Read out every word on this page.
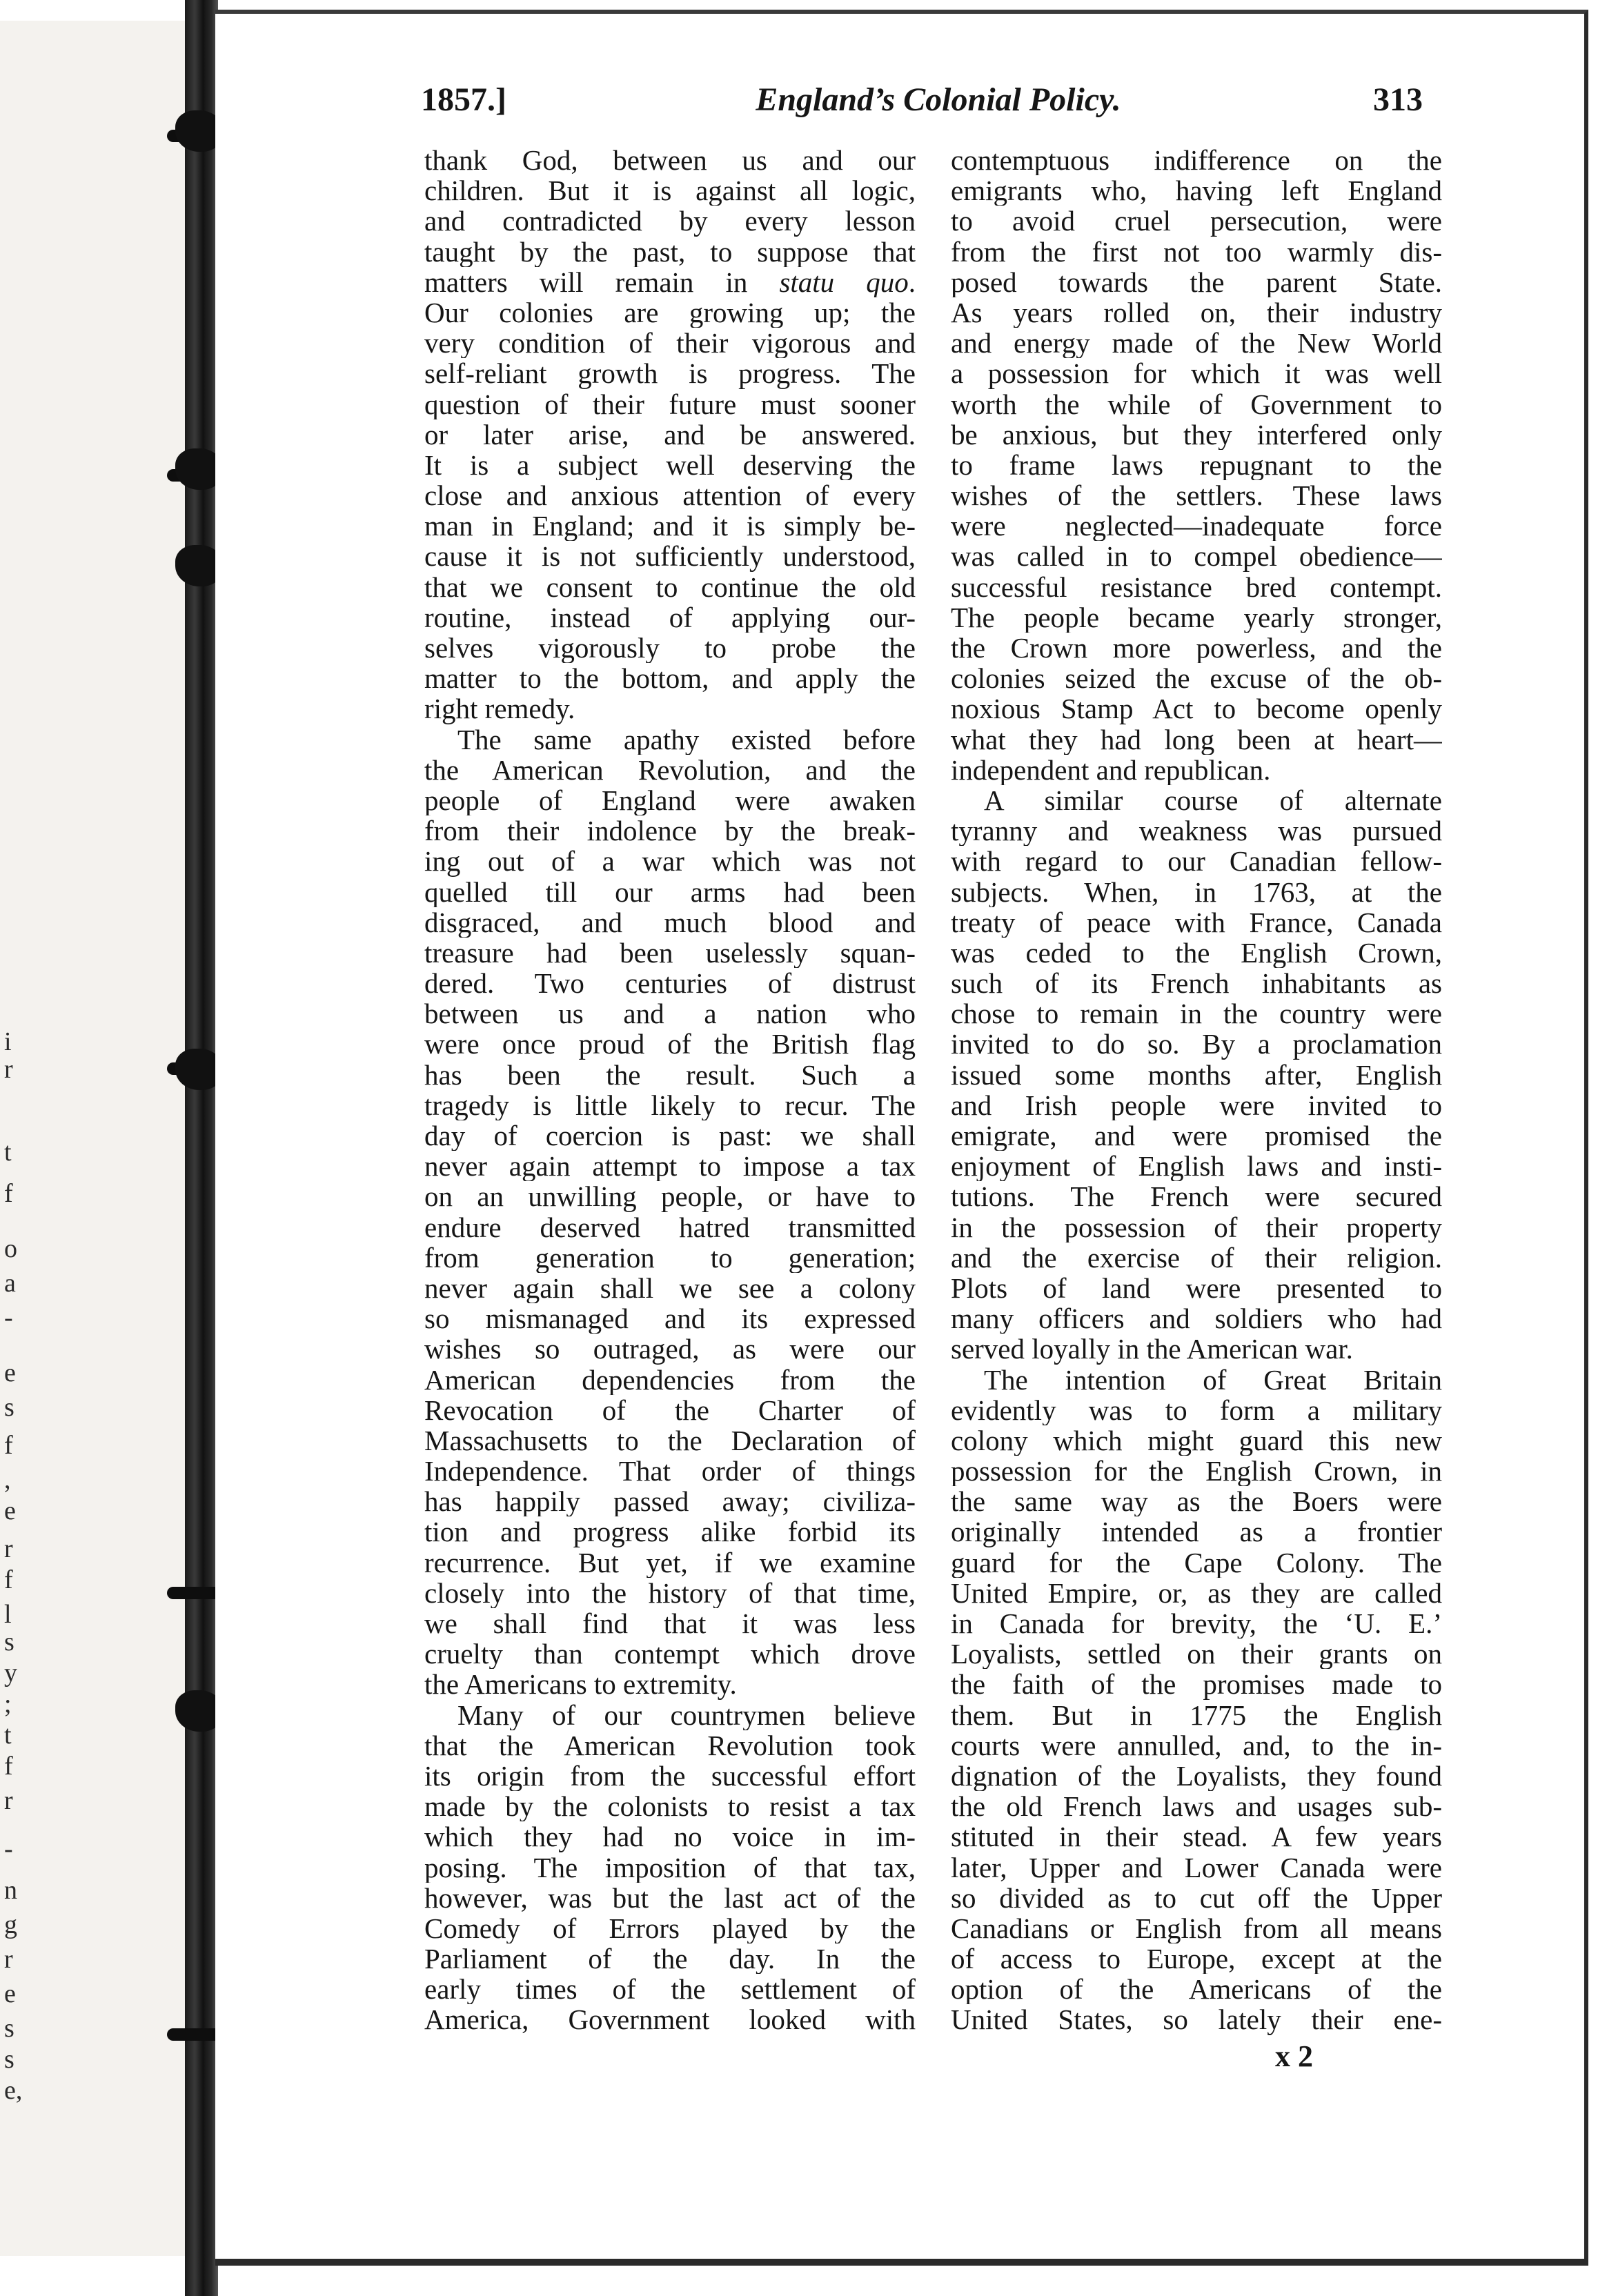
i
r
t
f
o
a
-
e
s
f
,
e
r
f
l
s
y
;
t
f
r
-
n
g
r
e
s
s
e,
1857.]	England’s Colonial Policy.	313
thank God, between us and our
children. But it is against all logic,
and contradicted by every lesson
taught by the past, to suppose that
matters will remain in statu quo.
Our colonies are growing up; the
very condition of their vigorous and
self-reliant growth is progress. The
question of their future must sooner
or later arise, and be answered.
It is a subject well deserving the
close and anxious attention of every
man in England; and it is simply be-
cause it is not sufficiently understood,
that we consent to continue the old
routine, instead of applying our-
selves vigorously to probe the
matter to the bottom, and apply the
right remedy.
The same apathy existed before
the American Revolution, and the
people of England were awaken
from their indolence by the break-
ing out of a war which was not
quelled till our arms had been
disgraced, and much blood and
treasure had been uselessly squan-
dered. Two centuries of distrust
between us and a nation who
were once proud of the British flag
has been the result. Such a
tragedy is little likely to recur. The
day of coercion is past: we shall
never again attempt to impose a tax
on an unwilling people, or have to
endure deserved hatred transmitted
from generation to generation;
never again shall we see a colony
so mismanaged and its expressed
wishes so outraged, as were our
American dependencies from the
Revocation of the Charter of
Massachusetts to the Declaration of
Independence. That order of things
has happily passed away; civiliza-
tion and progress alike forbid its
recurrence. But yet, if we examine
closely into the history of that time,
we shall find that it was less
cruelty than contempt which drove
the Americans to extremity.
Many of our countrymen believe
that the American Revolution took
its origin from the successful effort
made by the colonists to resist a tax
which they had no voice in im-
posing. The imposition of that tax,
however, was but the last act of the
Comedy of Errors played by the
Parliament of the day. In the
early times of the settlement of
America, Government looked with
contemptuous indifference on the
emigrants who, having left England
to avoid cruel persecution, were
from the first not too warmly dis-
posed towards the parent State.
As years rolled on, their industry
and energy made of the New World
a possession for which it was well
worth the while of Government to
be anxious, but they interfered only
to frame laws repugnant to the
wishes of the settlers. These laws
were neglected—inadequate force
was called in to compel obedience—
successful resistance bred contempt.
The people became yearly stronger,
the Crown more powerless, and the
colonies seized the excuse of the ob-
noxious Stamp Act to become openly
what they had long been at heart—
independent and republican.
A similar course of alternate
tyranny and weakness was pursued
with regard to our Canadian fellow-
subjects. When, in 1763, at the
treaty of peace with France, Canada
was ceded to the English Crown,
such of its French inhabitants as
chose to remain in the country were
invited to do so. By a proclamation
issued some months after, English
and Irish people were invited to
emigrate, and were promised the
enjoyment of English laws and insti-
tutions. The French were secured
in the possession of their property
and the exercise of their religion.
Plots of land were presented to
many officers and soldiers who had
served loyally in the American war.
The intention of Great Britain
evidently was to form a military
colony which might guard this new
possession for the English Crown, in
the same way as the Boers were
originally intended as a frontier
guard for the Cape Colony. The
United Empire, or, as they are called
in Canada for brevity, the ‘U. E.’
Loyalists, settled on their grants on
the faith of the promises made to
them. But in 1775 the English
courts were annulled, and, to the in-
dignation of the Loyalists, they found
the old French laws and usages sub-
stituted in their stead. A few years
later, Upper and Lower Canada were
so divided as to cut off the Upper
Canadians or English from all means
of access to Europe, except at the
option of the Americans of the
United States, so lately their ene-
x 2
